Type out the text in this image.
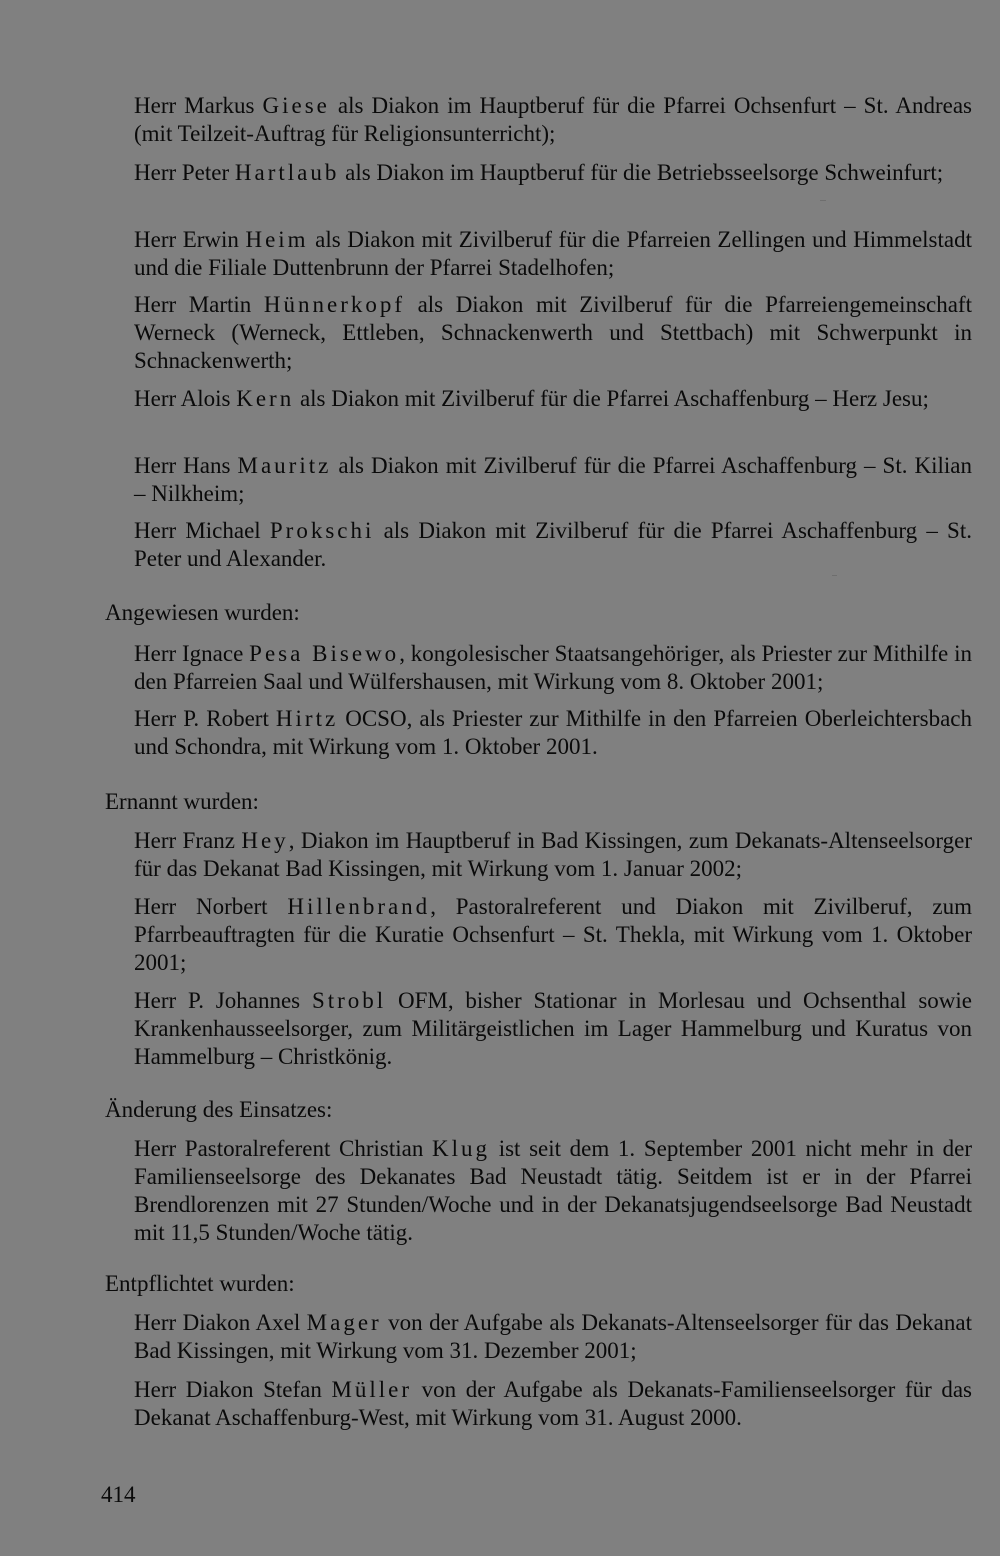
Herr Markus Giese als Diakon im Hauptberuf für die Pfarrei Ochsenfurt – St. Andreas (mit Teilzeit-Auftrag für Religionsunterricht);

Herr Peter Hartlaub als Diakon im Hauptberuf für die Betriebsseelsorge Schweinfurt;

Herr Erwin Heim als Diakon mit Zivilberuf für die Pfarreien Zellingen und Himmelstadt und die Filiale Duttenbrunn der Pfarrei Stadelhofen;

Herr Martin Hünnerkopf als Diakon mit Zivilberuf für die Pfarreiengemeinschaft Werneck (Werneck, Ettleben, Schnackenwerth und Stettbach) mit Schwerpunkt in Schnackenwerth;

Herr Alois Kern als Diakon mit Zivilberuf für die Pfarrei Aschaffenburg – Herz Jesu;

Herr Hans Mauritz als Diakon mit Zivilberuf für die Pfarrei Aschaffenburg – St. Kilian – Nilkheim;

Herr Michael Prokschi als Diakon mit Zivilberuf für die Pfarrei Aschaffenburg – St. Peter und Alexander.

Angewiesen wurden:

Herr Ignace Pesa Bisewo, kongolesischer Staatsangehöriger, als Priester zur Mithilfe in den Pfarreien Saal und Wülfershausen, mit Wirkung vom 8. Oktober 2001;

Herr P. Robert Hirtz OCSO, als Priester zur Mithilfe in den Pfarreien Oberleichtersbach und Schondra, mit Wirkung vom 1. Oktober 2001.

Ernannt wurden:

Herr Franz Hey, Diakon im Hauptberuf in Bad Kissingen, zum Dekanats-Altenseelsorger für das Dekanat Bad Kissingen, mit Wirkung vom 1. Januar 2002;

Herr Norbert Hillenbrand, Pastoralreferent und Diakon mit Zivilberuf, zum Pfarrbeauftragten für die Kuratie Ochsenfurt – St. Thekla, mit Wirkung vom 1. Oktober 2001;

Herr P. Johannes Strobl OFM, bisher Stationar in Morlesau und Ochsenthal sowie Krankenhausseelsorger, zum Militärgeistlichen im Lager Hammelburg und Kuratus von Hammelburg – Christkönig.

Änderung des Einsatzes:

Herr Pastoralreferent Christian Klug ist seit dem 1. September 2001 nicht mehr in der Familienseelsorge des Dekanates Bad Neustadt tätig. Seitdem ist er in der Pfarrei Brendlorenzen mit 27 Stunden/Woche und in der Dekanatsjugendseelsorge Bad Neustadt mit 11,5 Stunden/Woche tätig.

Entpflichtet wurden:

Herr Diakon Axel Mager von der Aufgabe als Dekanats-Altenseelsorger für das Dekanat Bad Kissingen, mit Wirkung vom 31. Dezember 2001;

Herr Diakon Stefan Müller von der Aufgabe als Dekanats-Familienseelsorger für das Dekanat Aschaffenburg-West, mit Wirkung vom 31. August 2000.

414
